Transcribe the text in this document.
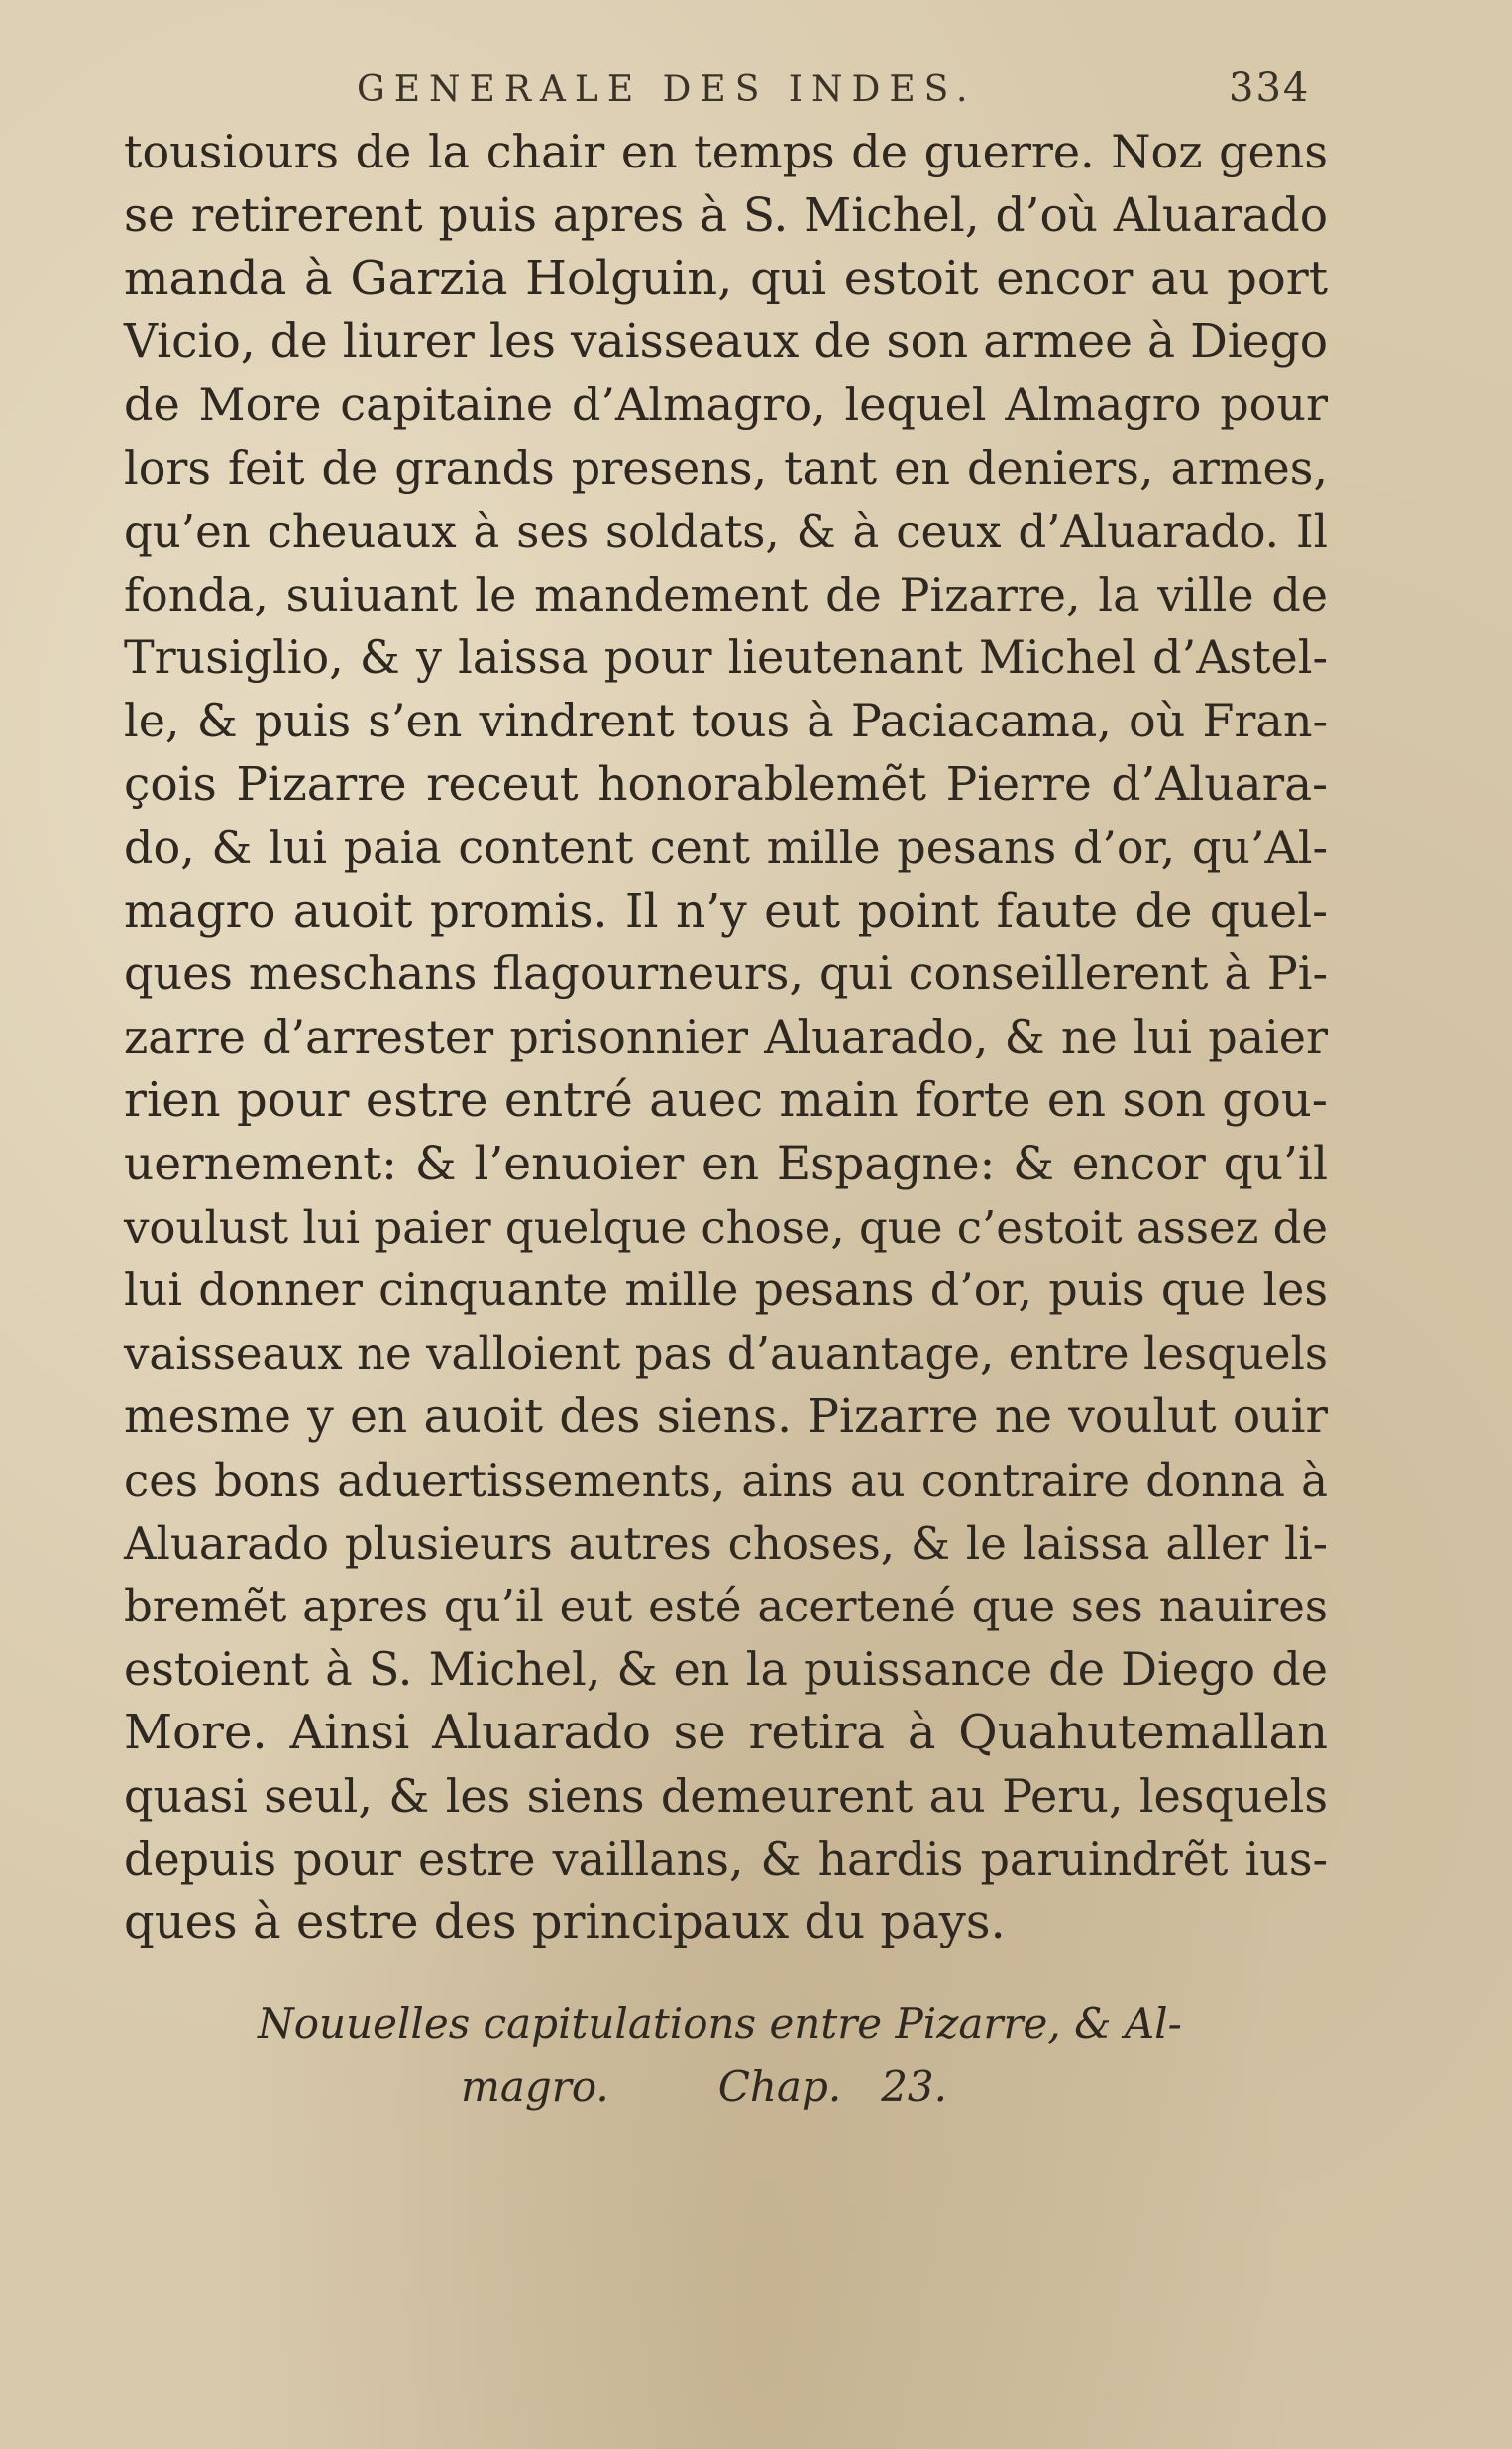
GENERALE DES INDES.	334
tousiours de la chair en temps de guerre. Noz gens
se retirerent puis apres à S. Michel, d’où Aluarado
manda à Garzia Holguin, qui estoit encor au port
Vicio, de liurer les vaisseaux de son armee à Diego
de More capitaine d’Almagro, lequel Almagro pour
lors feit de grands presens, tant en deniers, armes,
qu’en cheuaux à ses soldats, & à ceux d’Aluarado. Il
fonda, suiuant le mandement de Pizarre, la ville de
Trusiglio, & y laissa pour lieutenant Michel d’Astel-
le, & puis s’en vindrent tous à Paciacama, où Fran-
çois Pizarre receut honorablemẽt Pierre d’Aluara-
do, & lui paia content cent mille pesans d’or, qu’Al-
magro auoit promis. Il n’y eut point faute de quel-
ques meschans flagourneurs, qui conseillerent à Pi-
zarre d’arrester prisonnier Aluarado, & ne lui paier
rien pour estre entré auec main forte en son gou-
uernement: & l’enuoier en Espagne: & encor qu’il
voulust lui paier quelque chose, que c’estoit assez de
lui donner cinquante mille pesans d’or, puis que les
vaisseaux ne valloient pas d’auantage, entre lesquels
mesme y en auoit des siens. Pizarre ne voulut ouir
ces bons aduertissements, ains au contraire donna à
Aluarado plusieurs autres choses, & le laissa aller li-
bremẽt apres qu’il eut esté acertené que ses nauires
estoient à S. Michel, & en la puissance de Diego de
More. Ainsi Aluarado se retira à Quahutemallan
quasi seul, & les siens demeurent au Peru, lesquels
depuis pour estre vaillans, & hardis paruindrẽt ius-
ques à estre des principaux du pays.
Nouuelles capitulations entre Pizarre, & Al-
magro.	Chap. 23.
